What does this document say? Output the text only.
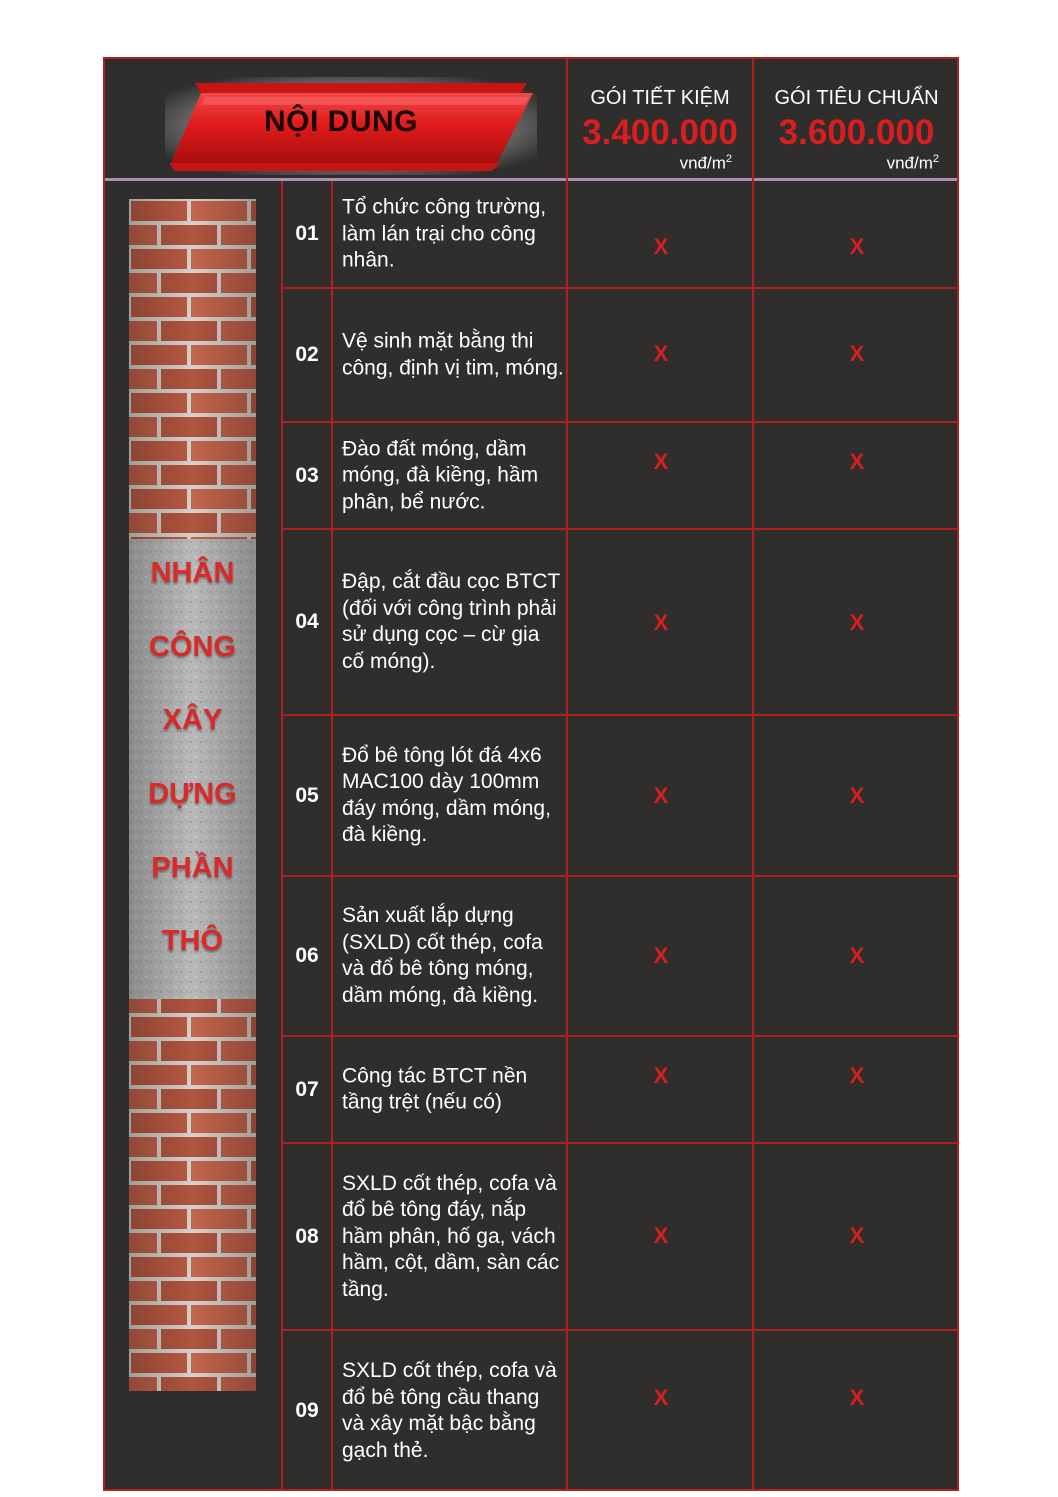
NỘI DUNG
GÓI TIẾT KIỆM
3.400.000
vnđ/$m^2$
GÓI TIÊU CHUẨN
3.600.000
vnđ/$m^2$
NHÂN
CÔNG
XÂY
DỰNG
PHẦN
THÔ
01
Tổ chức công trường, làm lán trại cho công nhân.
X	X
02
Vệ sinh mặt bằng thi công, định vị tim, móng.
X	X
03
Đào đất móng, dầm móng, đà kiềng, hầm phân, bể nước.
X	X
04
Đập, cắt đầu cọc BTCT (đối với công trình phải sử dụng cọc – cừ gia cố móng).
X	X
05
Đổ bê tông lót đá 4x6 MAC100 dày 100mm đáy móng, dầm móng, đà kiềng.
X	X
06
Sản xuất lắp dựng (SXLD) cốt thép, cofa và đổ bê tông móng, dầm móng, đà kiềng.
X	X
07
Công tác BTCT nền tầng trệt (nếu có)
X	X
08
SXLD cốt thép, cofa và đổ bê tông đáy, nắp hầm phân, hố ga, vách hầm, cột, dầm, sàn các tầng.
X	X
09
SXLD cốt thép, cofa và đổ bê tông cầu thang và xây mặt bậc bằng gạch thẻ.
X	X
